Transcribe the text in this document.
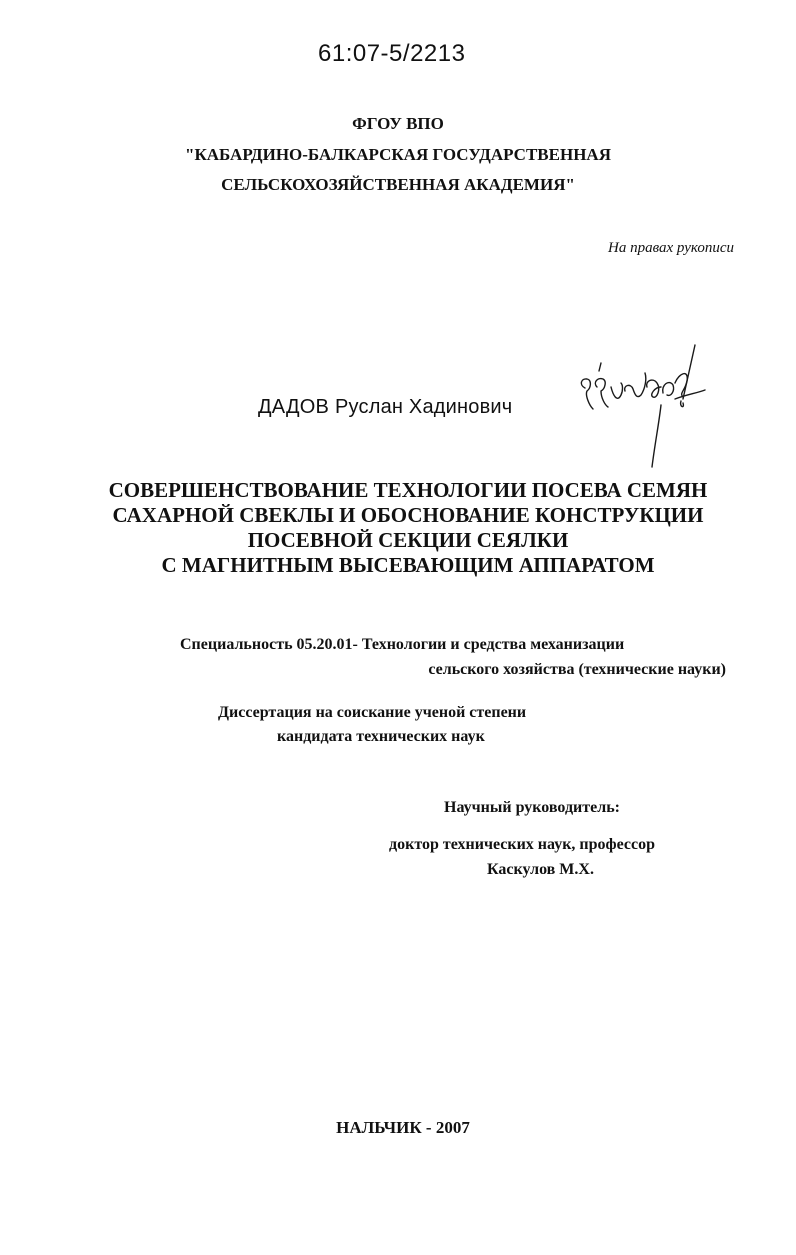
61:07-5/2213
ФГОУ ВПО
"КАБАРДИНО-БАЛКАРСКАЯ ГОСУДАРСТВЕННАЯ
СЕЛЬСКОХОЗЯЙСТВЕННАЯ АКАДЕМИЯ"
На правах рукописи
ДАДОВ Руслан Хадинович
СОВЕРШЕНСТВОВАНИЕ ТЕХНОЛОГИИ ПОСЕВА СЕМЯН
САХАРНОЙ СВЕКЛЫ И ОБОСНОВАНИЕ КОНСТРУКЦИИ
ПОСЕВНОЙ СЕКЦИИ СЕЯЛКИ
С МАГНИТНЫМ ВЫСЕВАЮЩИМ АППАРАТОМ
Специальность 05.20.01- Технологии и средства механизации
сельского хозяйства (технические науки)
Диссертация на соискание ученой степени
кандидата технических наук
Научный руководитель:
доктор технических наук, профессор
Каскулов М.Х.
НАЛЬЧИК - 2007
